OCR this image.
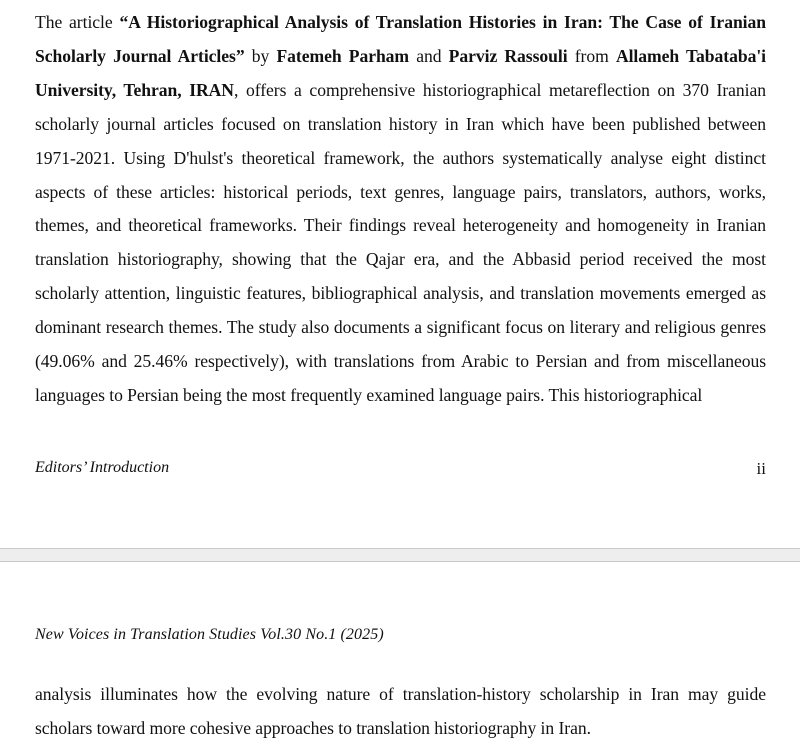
The article “A Historiographical Analysis of Translation Histories in Iran: The Case of Iranian Scholarly Journal Articles” by Fatemeh Parham and Parviz Rassouli from Allameh Tabataba'i University, Tehran, IRAN, offers a comprehensive historiographical metareflection on 370 Iranian scholarly journal articles focused on translation history in Iran which have been published between 1971-2021. Using D'hulst's theoretical framework, the authors systematically analyse eight distinct aspects of these articles: historical periods, text genres, language pairs, translators, authors, works, themes, and theoretical frameworks. Their findings reveal heterogeneity and homogeneity in Iranian translation historiography, showing that the Qajar era, and the Abbasid period received the most scholarly attention, linguistic features, bibliographical analysis, and translation movements emerged as dominant research themes. The study also documents a significant focus on literary and religious genres (49.06% and 25.46% respectively), with translations from Arabic to Persian and from miscellaneous languages to Persian being the most frequently examined language pairs. This historiographical

Editors’ Introduction	ii
New Voices in Translation Studies Vol.30 No.1 (2025)

analysis illuminates how the evolving nature of translation-history scholarship in Iran may guide scholars toward more cohesive approaches to translation historiography in Iran.
